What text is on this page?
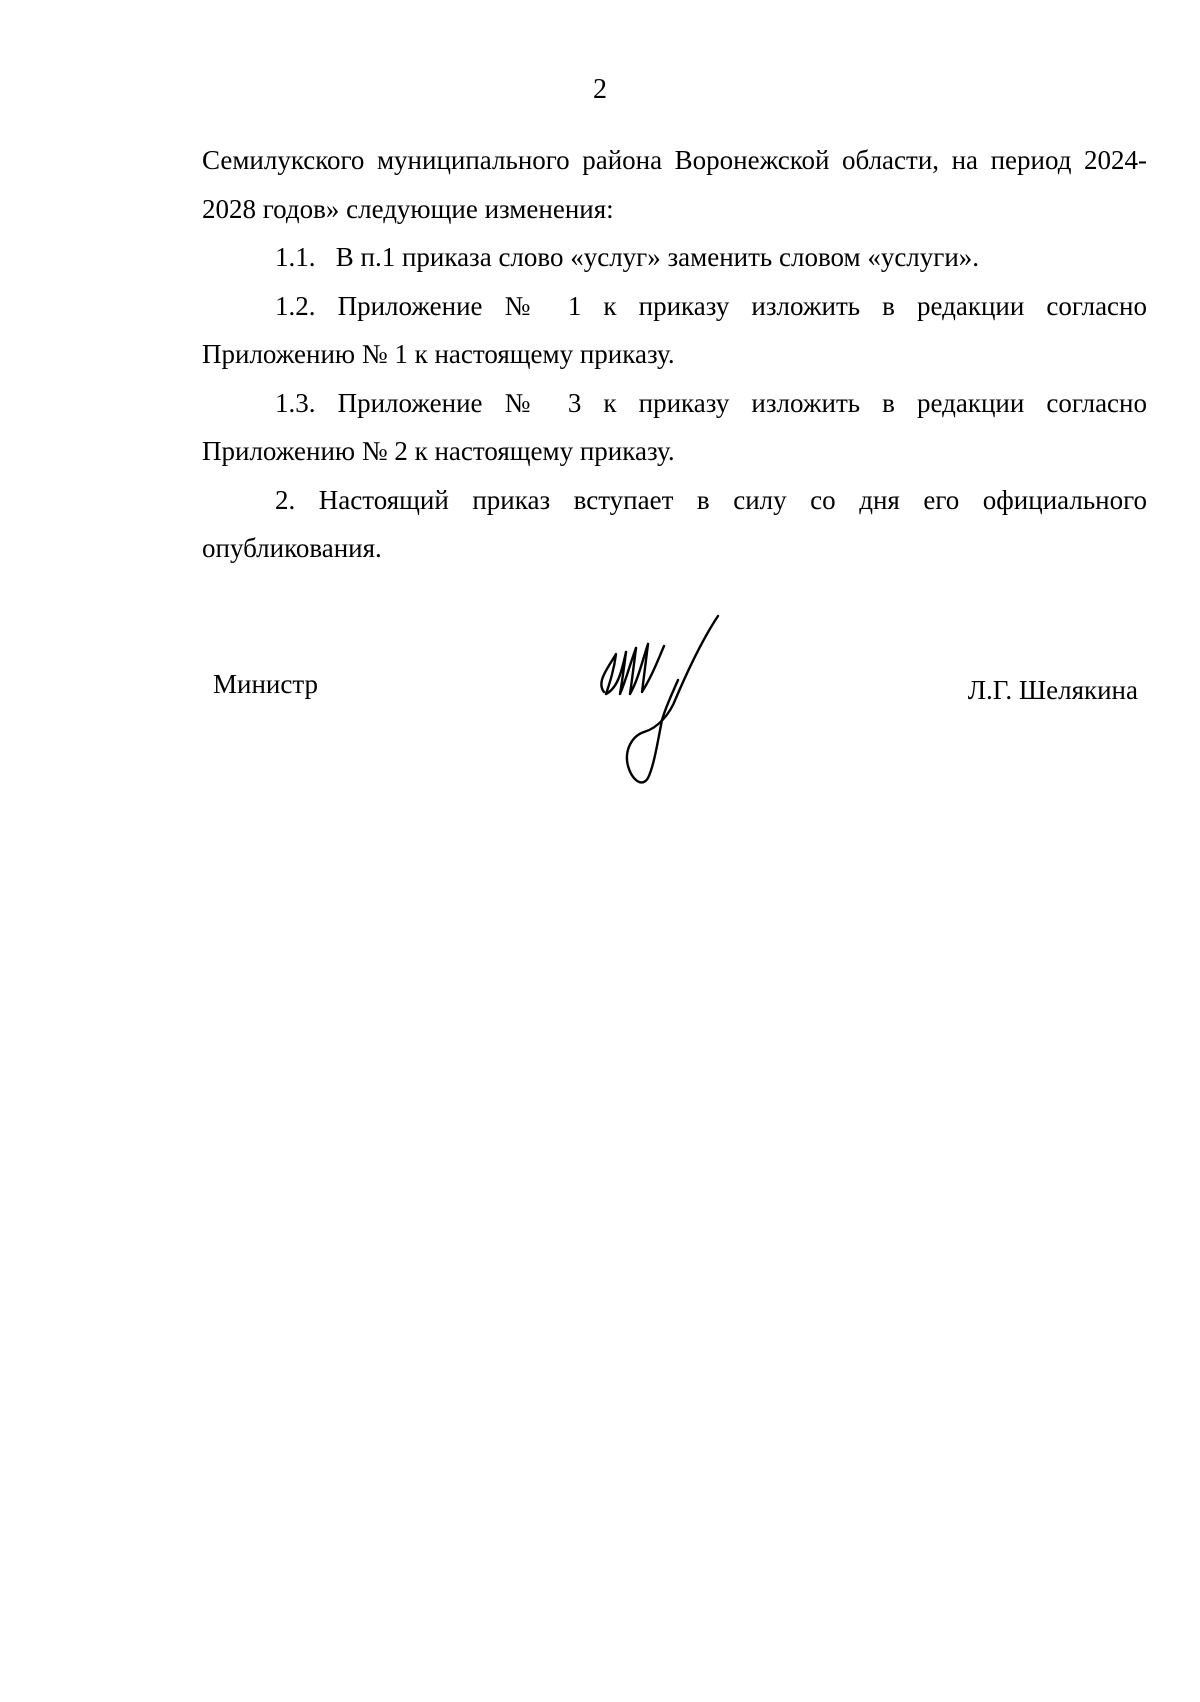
2

Семилукского муниципального района Воронежской области, на период 2024-2028 годов» следующие изменения:

1.1.   В п.1 приказа слово «услуг» заменить словом «услуги».

1.2. Приложение № 1 к приказу изложить в редакции согласно Приложению № 1 к настоящему приказу.

1.3. Приложение № 3 к приказу изложить в редакции согласно Приложению № 2 к настоящему приказу.

2. Настоящий приказ вступает в силу со дня его официального опубликования.

Министр	Л.Г. Шелякина
